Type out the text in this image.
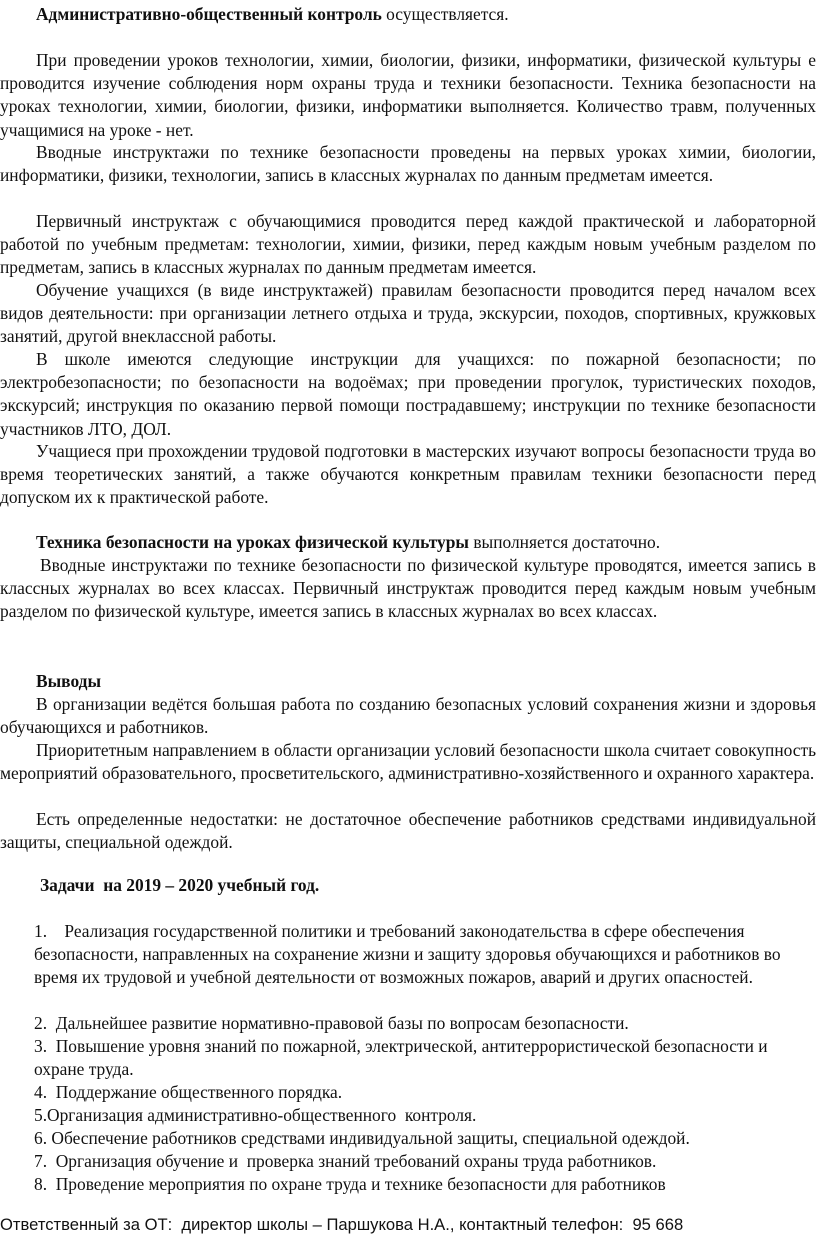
Административно-общественный контроль осуществляется.

При проведении уроков технологии, химии, биологии, физики, информатики, физической культуры е проводится изучение соблюдения норм охраны труда и техники безопасности. Техника безопасности на уроках технологии, химии, биологии, физики, информатики выполняется. Количество травм, полученных учащимися на уроке - нет.

Вводные инструктажи по технике безопасности проведены на первых уроках химии, биологии, информатики, физики, технологии, запись в классных журналах по данным предметам имеется.

Первичный инструктаж с обучающимися проводится перед каждой практической и лабораторной работой по учебным предметам: технологии, химии, физики, перед каждым новым учебным разделом по предметам, запись в классных журналах по данным предметам имеется.

Обучение учащихся (в виде инструктажей) правилам безопасности проводится перед началом всех видов деятельности: при организации летнего отдыха и труда, экскурсии, походов, спортивных, кружковых занятий, другой внеклассной работы.

В школе имеются следующие инструкции для учащихся: по пожарной безопасности; по электробезопасности; по безопасности на водоёмах; при проведении прогулок, туристических походов, экскурсий; инструкция по оказанию первой помощи пострадавшему; инструкции по технике безопасности участников ЛТО, ДОЛ.

Учащиеся при прохождении трудовой подготовки в мастерских изучают вопросы безопасности труда во время теоретических занятий, а также обучаются конкретным правилам техники безопасности перед допуском их к практической работе.

Техника безопасности на уроках физической культуры выполняется достаточно.

Вводные инструктажи по технике безопасности по физической культуре проводятся, имеется запись в классных журналах во всех классах. Первичный инструктаж проводится перед каждым новым учебным разделом по физической культуре, имеется запись в классных журналах во всех классах.

Выводы

В организации ведётся большая работа по созданию безопасных условий сохранения жизни и здоровья обучающихся и работников.

Приоритетным направлением в области организации условий безопасности школа считает совокупность мероприятий образовательного, просветительского, административно-хозяйственного и охранного характера.

Есть определенные недостатки: не достаточное обеспечение работников средствами индивидуальной защиты, специальной одеждой.

Задачи  на 2019 – 2020 учебный год.

1.    Реализация государственной политики и требований законодательства в сфере обеспечения безопасности, направленных на сохранение жизни и защиту здоровья обучающихся и работников во время их трудовой и учебной деятельности от возможных пожаров, аварий и других опасностей.

2.  Дальнейшее развитие нормативно-правовой базы по вопросам безопасности.

3.  Повышение уровня знаний по пожарной, электрической, антитеррористической безопасности и охране труда.

4.  Поддержание общественного порядка.

5.Организация административно-общественного  контроля.

6. Обеспечение работников средствами индивидуальной защиты, специальной одеждой.

7.  Организация обучение и  проверка знаний требований охраны труда работников.

8.  Проведение мероприятия по охране труда и технике безопасности для работников

Ответственный за ОТ:  директор школы – Паршукова Н.А., контактный телефон:  95 668
